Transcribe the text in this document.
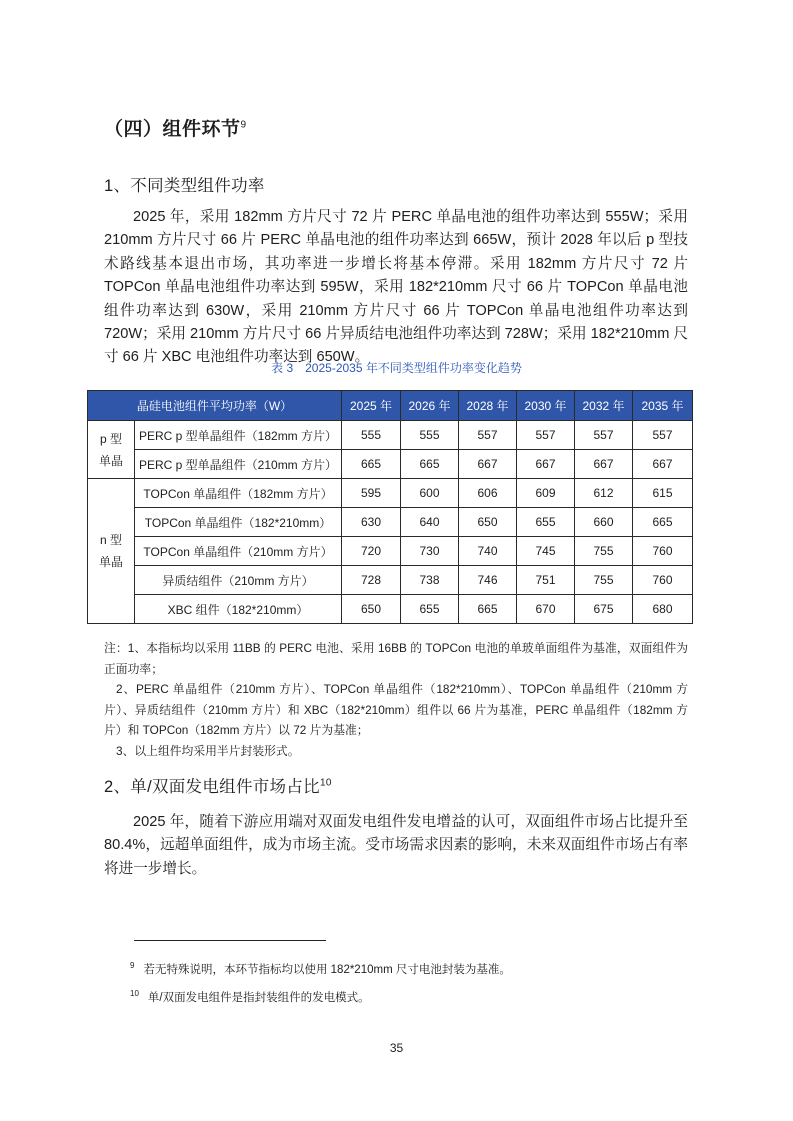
（四）组件环节$^9$
1、不同类型组件功率
2025 年，采用 182mm 方片尺寸 72 片 PERC 单晶电池的组件功率达到 555W；采用 210mm 方片尺寸 66 片 PERC 单晶电池的组件功率达到 665W，预计 2028 年以后 p 型技术路线基本退出市场，其功率进一步增长将基本停滞。采用 182mm 方片尺寸 72 片 TOPCon 单晶电池组件功率达到 595W，采用 182*210mm 尺寸 66 片 TOPCon 单晶电池组件功率达到 630W，采用 210mm 方片尺寸 66 片 TOPCon 单晶电池组件功率达到 720W；采用 210mm 方片尺寸 66 片异质结电池组件功率达到 728W；采用 182*210mm 尺寸 66 片 XBC 电池组件功率达到 650W。
表 3　2025-2035 年不同类型组件功率变化趋势
晶硅电池组件平均功率（W）		2025 年	2026 年	2028 年	2030 年	2032 年	2035 年
p 型
单晶	PERC p 型单晶组件（182mm 方片）	555	555	557	557	557	557
	PERC p 型单晶组件（210mm 方片）	665	665	667	667	667	667
n 型
单晶	TOPCon 单晶组件（182mm 方片）	595	600	606	609	612	615
	TOPCon 单晶组件（182*210mm）	630	640	650	655	660	665
	TOPCon 单晶组件（210mm 方片）	720	730	740	745	755	760
	异质结组件（210mm 方片）	728	738	746	751	755	760
	XBC 组件（182*210mm）	650	655	665	670	675	680

注：1、本指标均以采用 11BB 的 PERC 电池、采用 16BB 的 TOPCon 电池的单玻单面组件为基准，双面组件为正面功率；

2、PERC 单晶组件（210mm 方片）、TOPCon 单晶组件（182*210mm）、TOPCon 单晶组件（210mm 方片）、异质结组件（210mm 方片）和 XBC（182*210mm）组件以 66 片为基准，PERC 单晶组件（182mm 方片）和 TOPCon（182mm 方片）以 72 片为基准；

3、以上组件均采用半片封装形式。

2、单/双面发电组件市场占比$^{10}$
2025 年，随着下游应用端对双面发电组件发电增益的认可，双面组件市场占比提升至 80.4%，远超单面组件，成为市场主流。受市场需求因素的影响，未来双面组件市场占有率将进一步增长。
$^9$ 若无特殊说明，本环节指标均以使用 182*210mm 尺寸电池封装为基准。
$^{10}$ 单/双面发电组件是指封装组件的发电模式。
35
